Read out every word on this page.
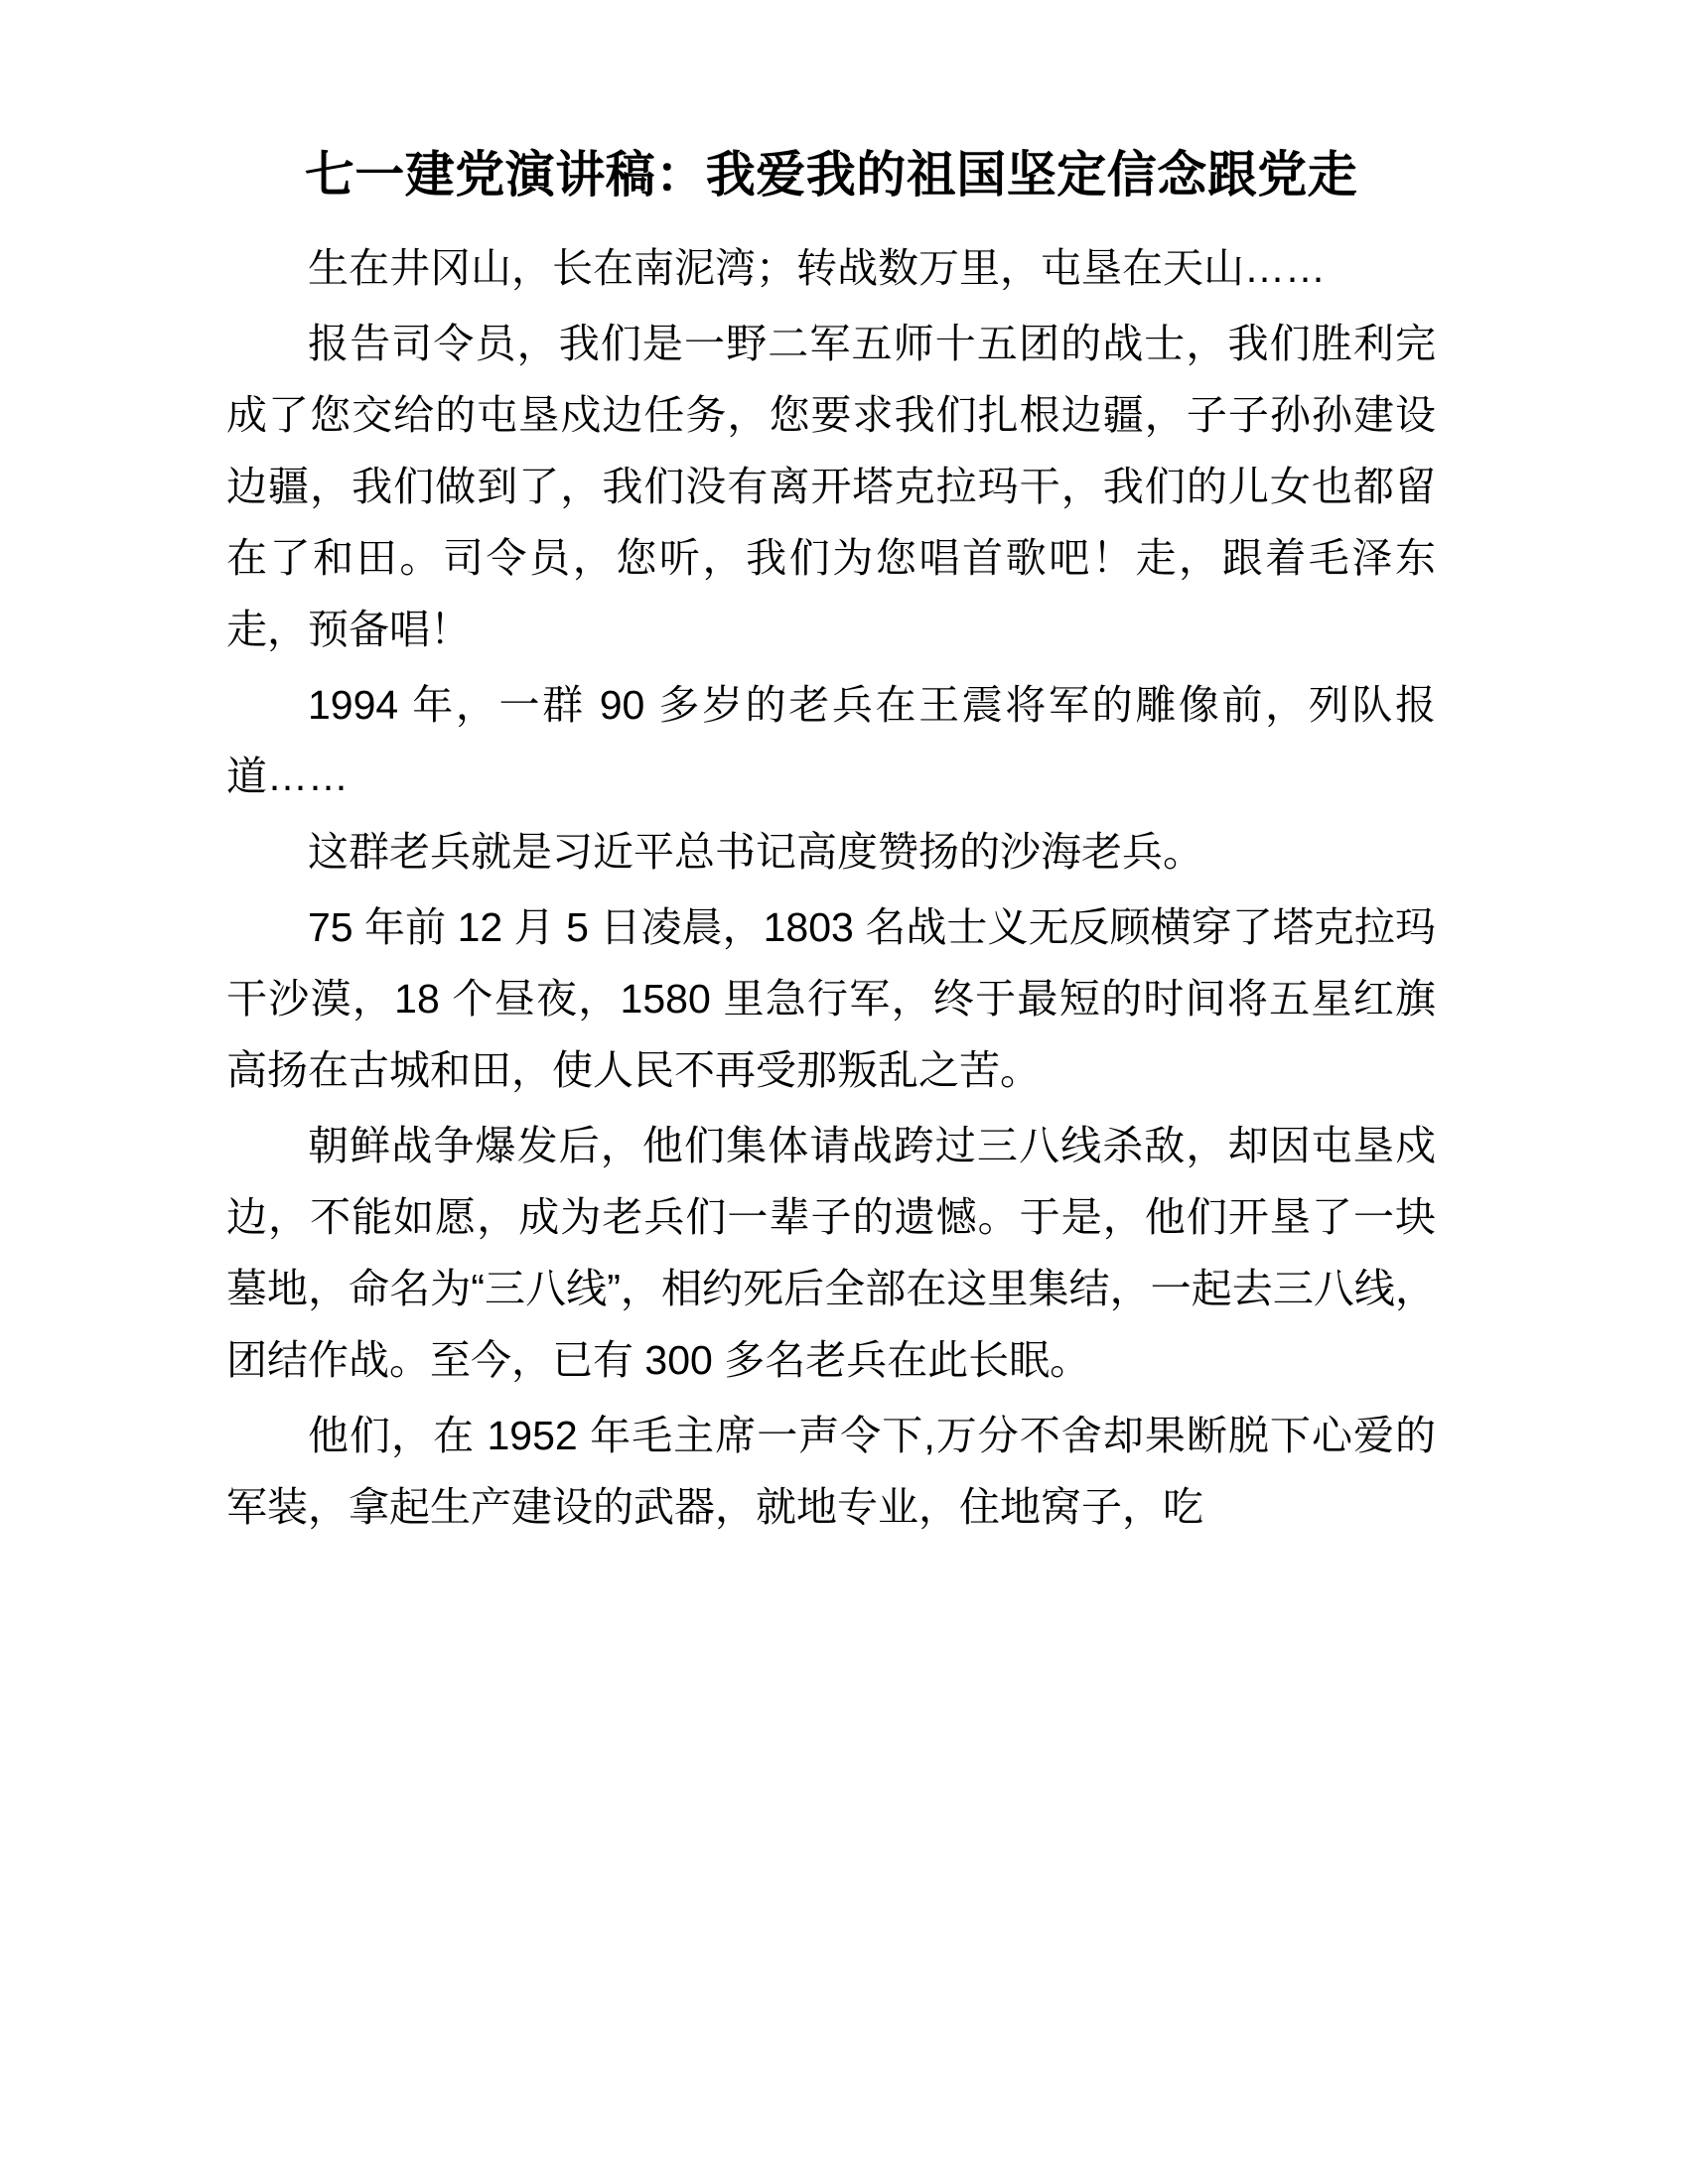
七一建党演讲稿：我爱我的祖国坚定信念跟党走

生在井冈山，长在南泥湾；转战数万里，屯垦在天山……

报告司令员，我们是一野二军五师十五团的战士，我们胜利完成了您交给的屯垦戍边任务，您要求我们扎根边疆，子子孙孙建设边疆，我们做到了，我们没有离开塔克拉玛干，我们的儿女也都留在了和田。司令员，您听，我们为您唱首歌吧！走，跟着毛泽东走，预备唱！

1994 年，一群 90 多岁的老兵在王震将军的雕像前，列队报道……

这群老兵就是习近平总书记高度赞扬的沙海老兵。

75 年前 12 月 5 日凌晨，1803 名战士义无反顾横穿了塔克拉玛干沙漠，18 个昼夜，1580 里急行军，终于最短的时间将五星红旗高扬在古城和田，使人民不再受那叛乱之苦。

朝鲜战争爆发后，他们集体请战跨过三八线杀敌，却因屯垦戍边，不能如愿，成为老兵们一辈子的遗憾。于是，他们开垦了一块墓地，命名为“三八线”，相约死后全部在这里集结，一起去三八线，团结作战。至今，已有 300 多名老兵在此长眠。

他们，在 1952 年毛主席一声令下,万分不舍却果断脱下心爱的军装，拿起生产建设的武器，就地专业，住地窝子，吃
